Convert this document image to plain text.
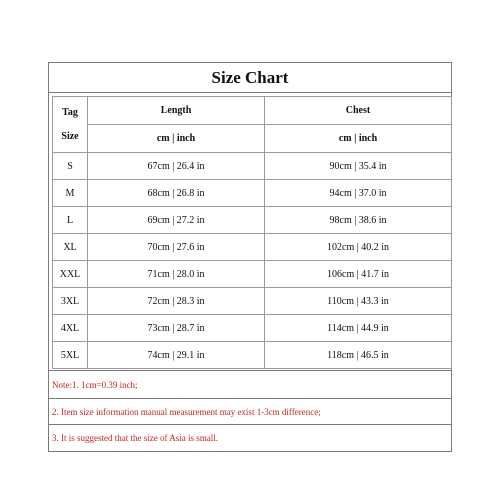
Size Chart
Tag
Size	Length	Chest
	cm | inch	cm | inch
S	67cm | 26.4 in	90cm | 35.4 in
M	68cm | 26.8 in	94cm | 37.0 in
L	69cm | 27.2 in	98cm | 38.6 in
XL	70cm | 27.6 in	102cm | 40.2 in
XXL	71cm | 28.0 in	106cm | 41.7 in
3XL	72cm | 28.3 in	110cm | 43.3 in
4XL	73cm | 28.7 in	114cm | 44.9 in
5XL	74cm | 29.1 in	118cm | 46.5 in
Note:1. 1cm=0.39 inch;
2. Item size information manual measurement may exist 1-3cm difference;
3. It is suggested that the size of Asia is small.
